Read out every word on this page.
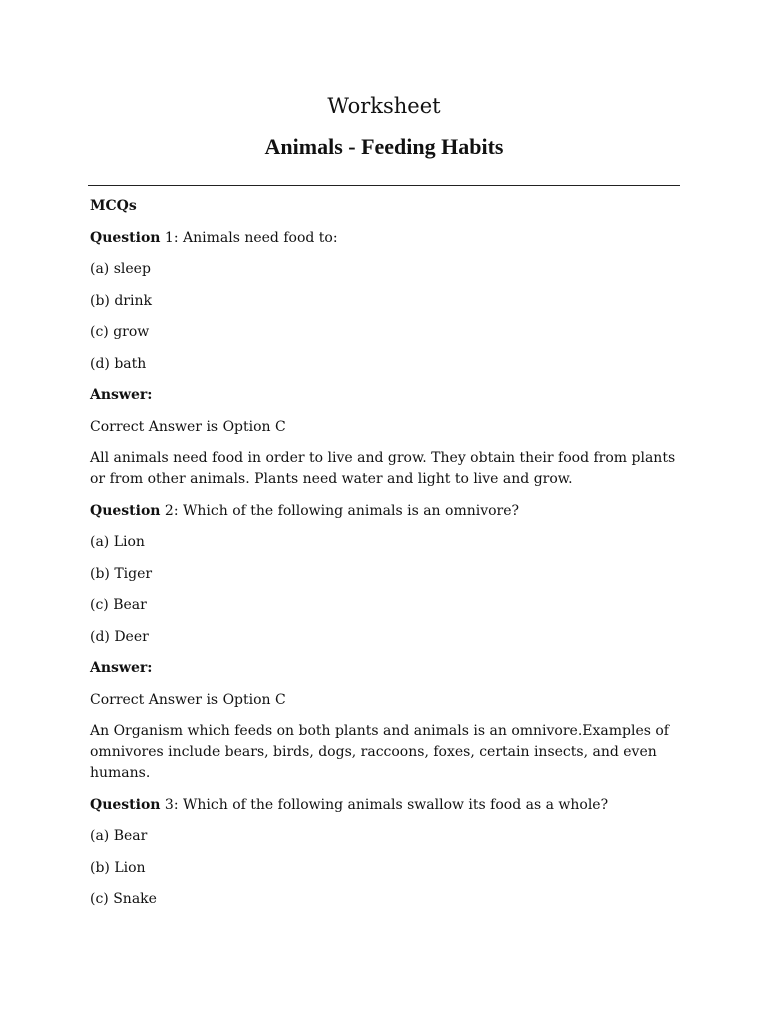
Worksheet
Animals - Feeding Habits

MCQs

Question 1: Animals need food to:

(a) sleep

(b) drink

(c) grow

(d) bath

Answer:

Correct Answer is Option C

All animals need food in order to live and grow. They obtain their food from plants or from other animals. Plants need water and light to live and grow.

Question 2: Which of the following animals is an omnivore?

(a) Lion

(b) Tiger

(c) Bear

(d) Deer

Answer:

Correct Answer is Option C

An Organism which feeds on both plants and animals is an omnivore.Examples of omnivores include bears, birds, dogs, raccoons, foxes, certain insects, and even humans.

Question 3: Which of the following animals swallow its food as a whole?

(a) Bear

(b) Lion

(c) Snake
